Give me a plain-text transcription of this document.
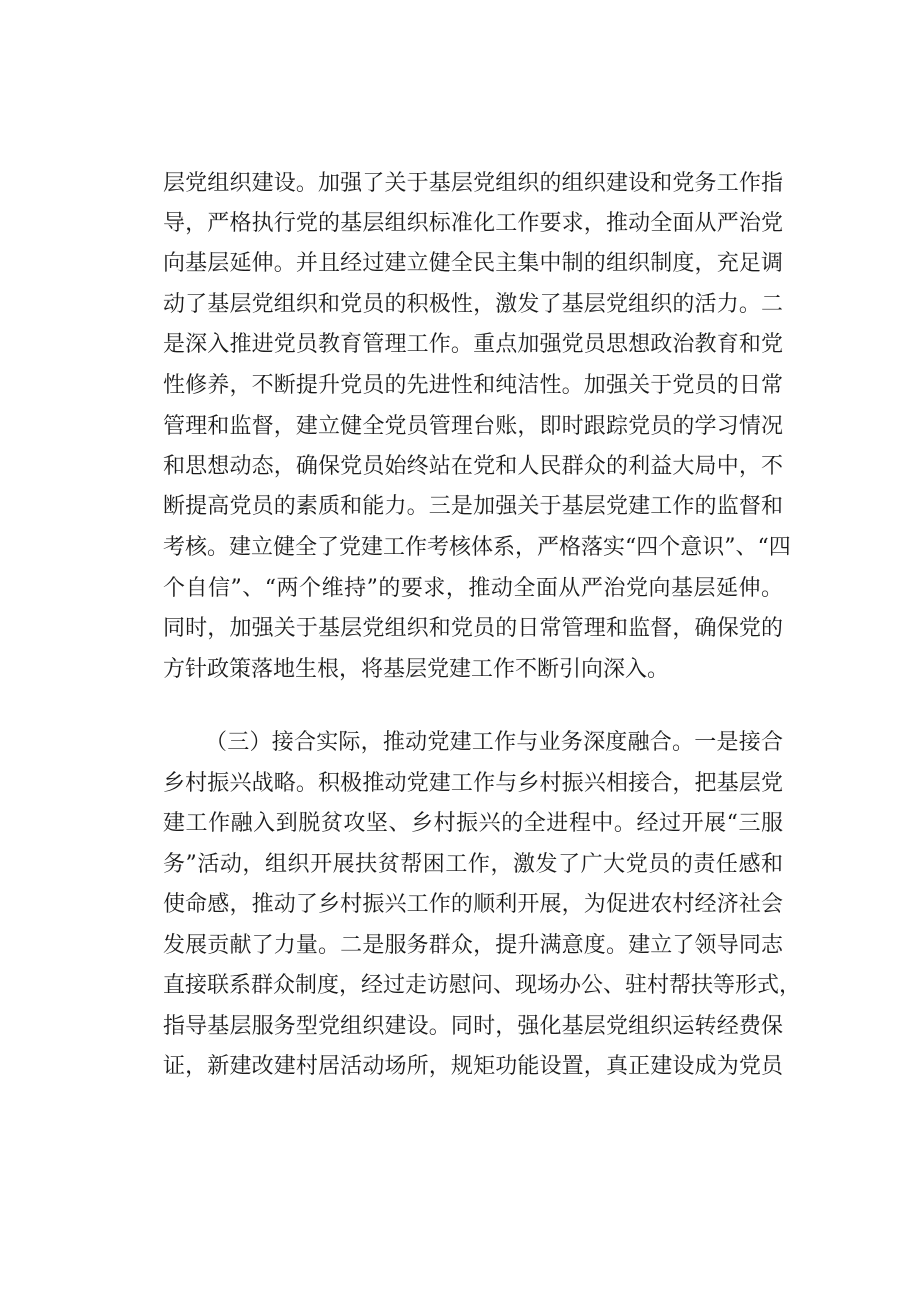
层党组织建设。加强了关于基层党组织的组织建设和党务工作指
导，严格执行党的基层组织标准化工作要求，推动全面从严治党
向基层延伸。并且经过建立健全民主集中制的组织制度，充足调
动了基层党组织和党员的积极性，激发了基层党组织的活力。二
是深入推进党员教育管理工作。重点加强党员思想政治教育和党
性修养，不断提升党员的先进性和纯洁性。加强关于党员的日常
管理和监督，建立健全党员管理台账，即时跟踪党员的学习情况
和思想动态，确保党员始终站在党和人民群众的利益大局中，不
断提高党员的素质和能力。三是加强关于基层党建工作的监督和
考核。建立健全了党建工作考核体系，严格落实“四个意识”、“四
个自信”、“两个维持”的要求，推动全面从严治党向基层延伸。
同时，加强关于基层党组织和党员的日常管理和监督，确保党的
方针政策落地生根，将基层党建工作不断引向深入。
（三）接合实际，推动党建工作与业务深度融合。一是接合
乡村振兴战略。积极推动党建工作与乡村振兴相接合，把基层党
建工作融入到脱贫攻坚、乡村振兴的全进程中。经过开展“三服
务”活动，组织开展扶贫帮困工作，激发了广大党员的责任感和
使命感，推动了乡村振兴工作的顺利开展，为促进农村经济社会
发展贡献了力量。二是服务群众，提升满意度。建立了领导同志
直接联系群众制度，经过走访慰问、现场办公、驻村帮扶等形式，
指导基层服务型党组织建设。同时，强化基层党组织运转经费保
证，新建改建村居活动场所，规矩功能设置，真正建设成为党员
